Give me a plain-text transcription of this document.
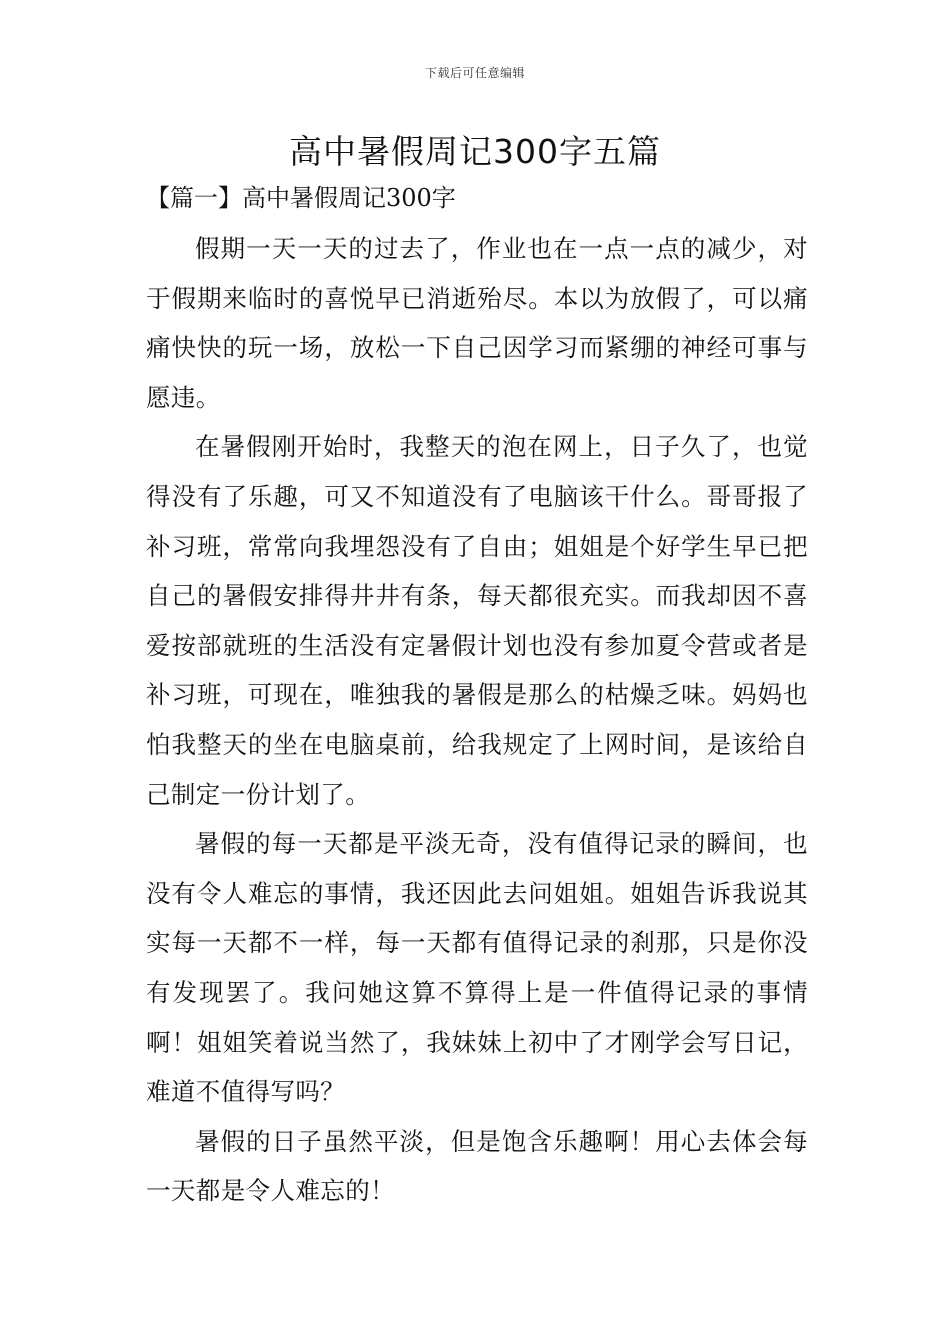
下载后可任意编辑
高中暑假周记300字五篇
【篇一】高中暑假周记300字

假期一天一天的过去了，作业也在一点一点的减少，对于假期来临时的喜悦早已消逝殆尽。本以为放假了，可以痛痛快快的玩一场，放松一下自己因学习而紧绷的神经可事与愿违。

在暑假刚开始时，我整天的泡在网上，日子久了，也觉得没有了乐趣，可又不知道没有了电脑该干什么。哥哥报了补习班，常常向我埋怨没有了自由；姐姐是个好学生早已把自己的暑假安排得井井有条，每天都很充实。而我却因不喜爱按部就班的生活没有定暑假计划也没有参加夏令营或者是补习班，可现在，唯独我的暑假是那么的枯燥乏味。妈妈也怕我整天的坐在电脑桌前，给我规定了上网时间，是该给自己制定一份计划了。

暑假的每一天都是平淡无奇，没有值得记录的瞬间，也没有令人难忘的事情，我还因此去问姐姐。姐姐告诉我说其实每一天都不一样，每一天都有值得记录的刹那，只是你没有发现罢了。我问她这算不算得上是一件值得记录的事情啊！姐姐笑着说当然了，我妹妹上初中了才刚学会写日记，难道不值得写吗？

暑假的日子虽然平淡，但是饱含乐趣啊！用心去体会每一天都是令人难忘的！
